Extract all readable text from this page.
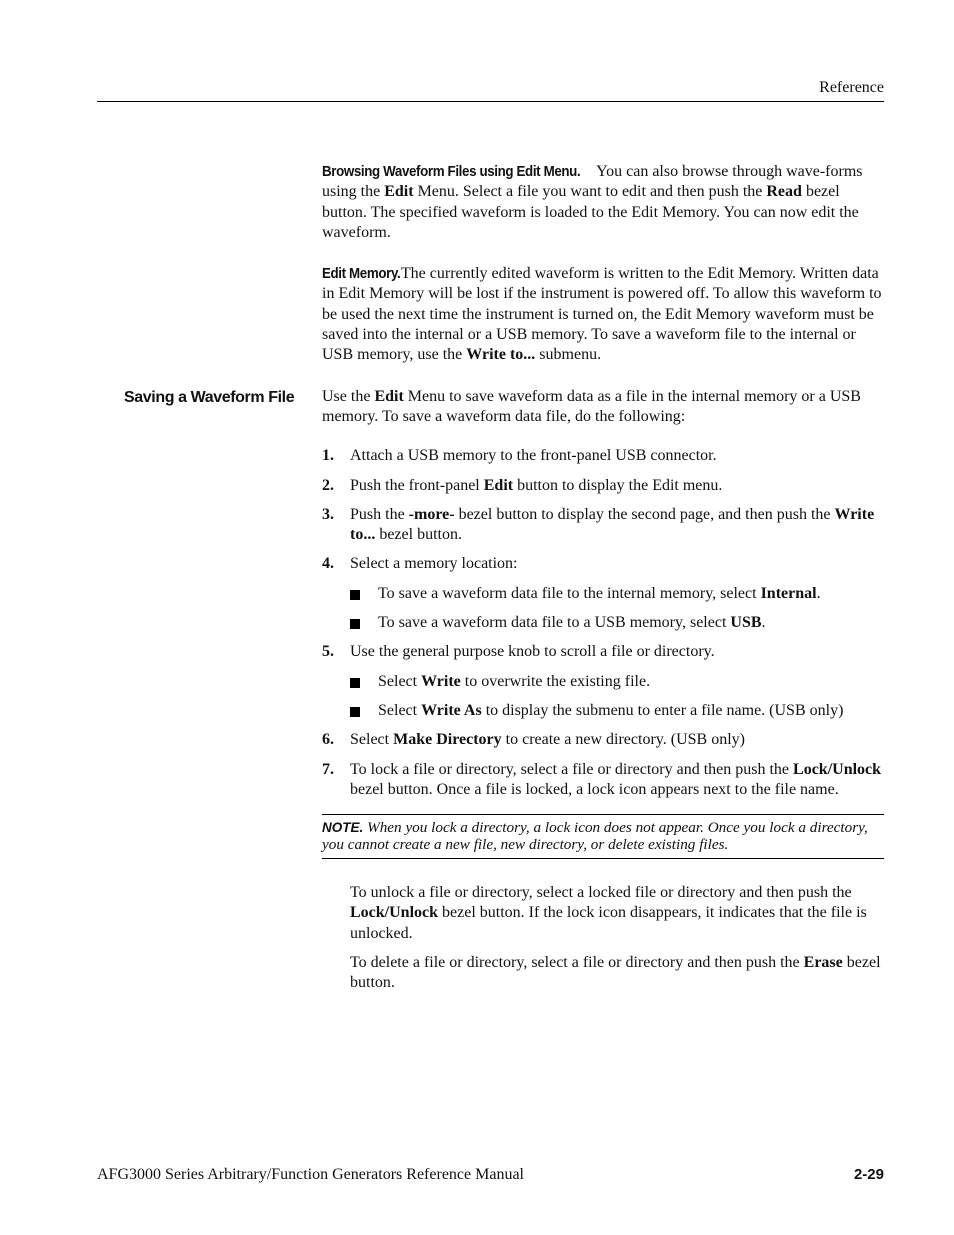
Reference
Saving a Waveform File

Browsing Waveform Files using Edit Menu. You can also browse through wave-forms using the Edit Menu. Select a file you want to edit and then push the Read bezel button. The specified waveform is loaded to the Edit Memory. You can now edit the waveform.

Edit Memory. The currently edited waveform is written to the Edit Memory. Written data in Edit Memory will be lost if the instrument is powered off. To allow this waveform to be used the next time the instrument is turned on, the Edit Memory waveform must be saved into the internal or a USB memory. To save a waveform file to the internal or USB memory, use the Write to... submenu.

Use the Edit Menu to save waveform data as a file in the internal memory or a USB memory. To save a waveform data file, do the following:

1. Attach a USB memory to the front-panel USB connector.
2. Push the front-panel Edit button to display the Edit menu.
3. Push the -more- bezel button to display the second page, and then push the Write to... bezel button.
4. Select a memory location:
To save a waveform data file to the internal memory, select Internal.
To save a waveform data file to a USB memory, select USB.
5. Use the general purpose knob to scroll a file or directory.
Select Write to overwrite the existing file.
Select Write As to display the submenu to enter a file name. (USB only)
6. Select Make Directory to create a new directory. (USB only)
7. To lock a file or directory, select a file or directory and then push the Lock/Unlock bezel button. Once a file is locked, a lock icon appears next to the file name.
NOTE. When you lock a directory, a lock icon does not appear. Once you lock a directory, you cannot create a new file, new directory, or delete existing files.

To unlock a file or directory, select a locked file or directory and then push the Lock/Unlock bezel button. If the lock icon disappears, it indicates that the file is unlocked.

To delete a file or directory, select a file or directory and then push the Erase bezel button.

AFG3000 Series Arbitrary/Function Generators Reference Manual	2-29
